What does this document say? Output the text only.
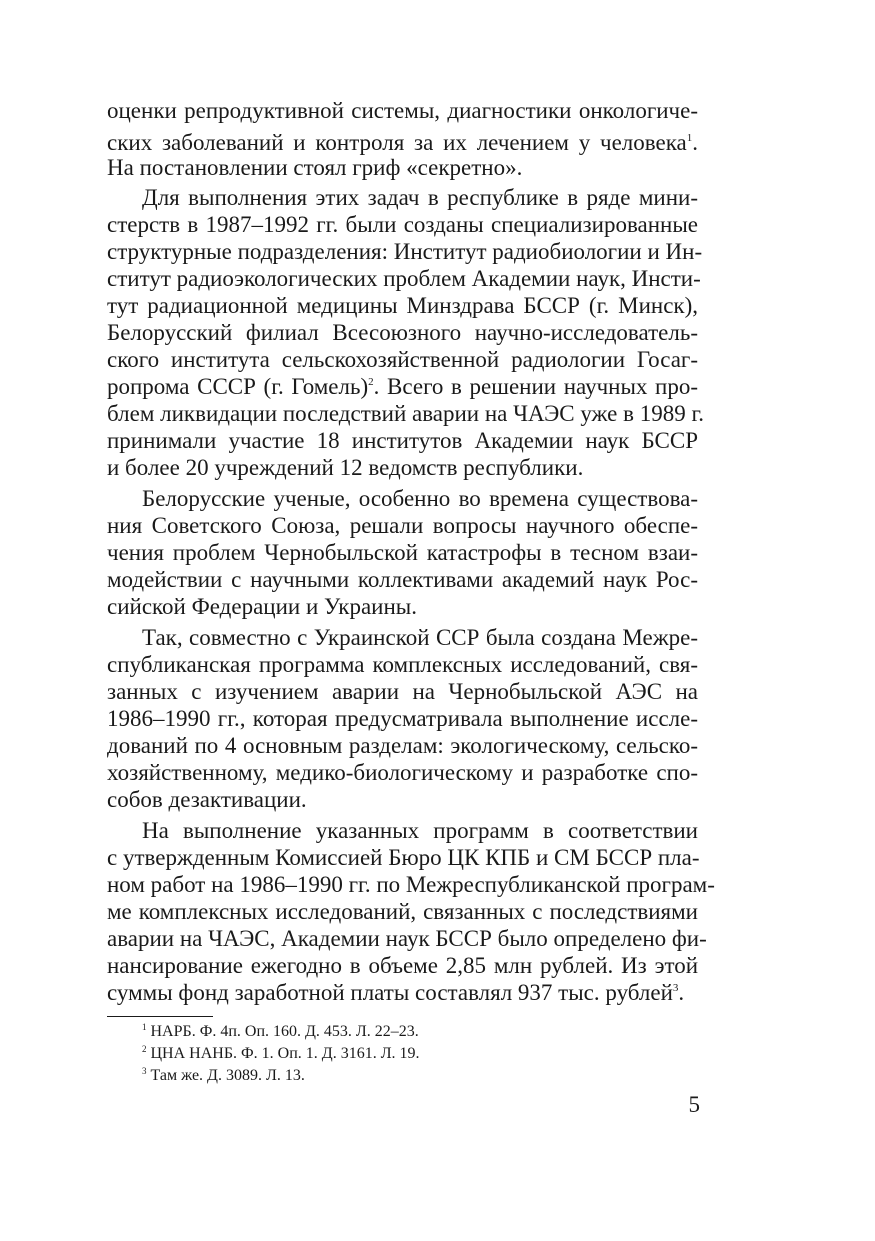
оценки репродуктивной системы, диагностики онкологиче-
ских заболеваний и контроля за их лечением у человека$^1$.
На постановлении стоял гриф «секретно».
Для выполнения этих задач в республике в ряде мини-
стерств в 1987–1992 гг. были созданы специализированные
структурные подразделения: Институт радиобиологии и Ин-
ститут радиоэкологических проблем Академии наук, Инсти-
тут радиационной медицины Минздрава БССР (г. Минск),
Белорусский филиал Всесоюзного научно-исследователь-
ского института сельскохозяйственной радиологии Госаг-
ропрома СССР (г. Гомель)$^2$. Всего в решении научных про-
блем ликвидации последствий аварии на ЧАЭС уже в 1989 г.
принимали участие 18 институтов Академии наук БССР
и более 20 учреждений 12 ведомств республики.
Белорусские ученые, особенно во времена существова-
ния Советского Союза, решали вопросы научного обеспе-
чения проблем Чернобыльской катастрофы в тесном взаи-
модействии с научными коллективами академий наук Рос-
сийской Федерации и Украины.
Так, совместно с Украинской ССР была создана Межре-
спубликанская программа комплексных исследований, свя-
занных с изучением аварии на Чернобыльской АЭС на
1986–1990 гг., которая предусматривала выполнение иссле-
дований по 4 основным разделам: экологическому, сельско-
хозяйственному, медико-биологическому и разработке спо-
собов дезактивации.
На выполнение указанных программ в соответствии
с утвержденным Комиссией Бюро ЦК КПБ и СМ БССР пла-
ном работ на 1986–1990 гг. по Межреспубликанской програм-
ме комплексных исследований, связанных с последствиями
аварии на ЧАЭС, Академии наук БССР было определено фи-
нансирование ежегодно в объеме 2,85 млн рублей. Из этой
суммы фонд заработной платы составлял 937 тыс. рублей$^3$.
$^1$ НАРБ. Ф. 4п. Оп. 160. Д. 453. Л. 22–23.
$^2$ ЦНА НАНБ. Ф. 1. Оп. 1. Д. 3161. Л. 19.
$^3$ Там же. Д. 3089. Л. 13.
5
